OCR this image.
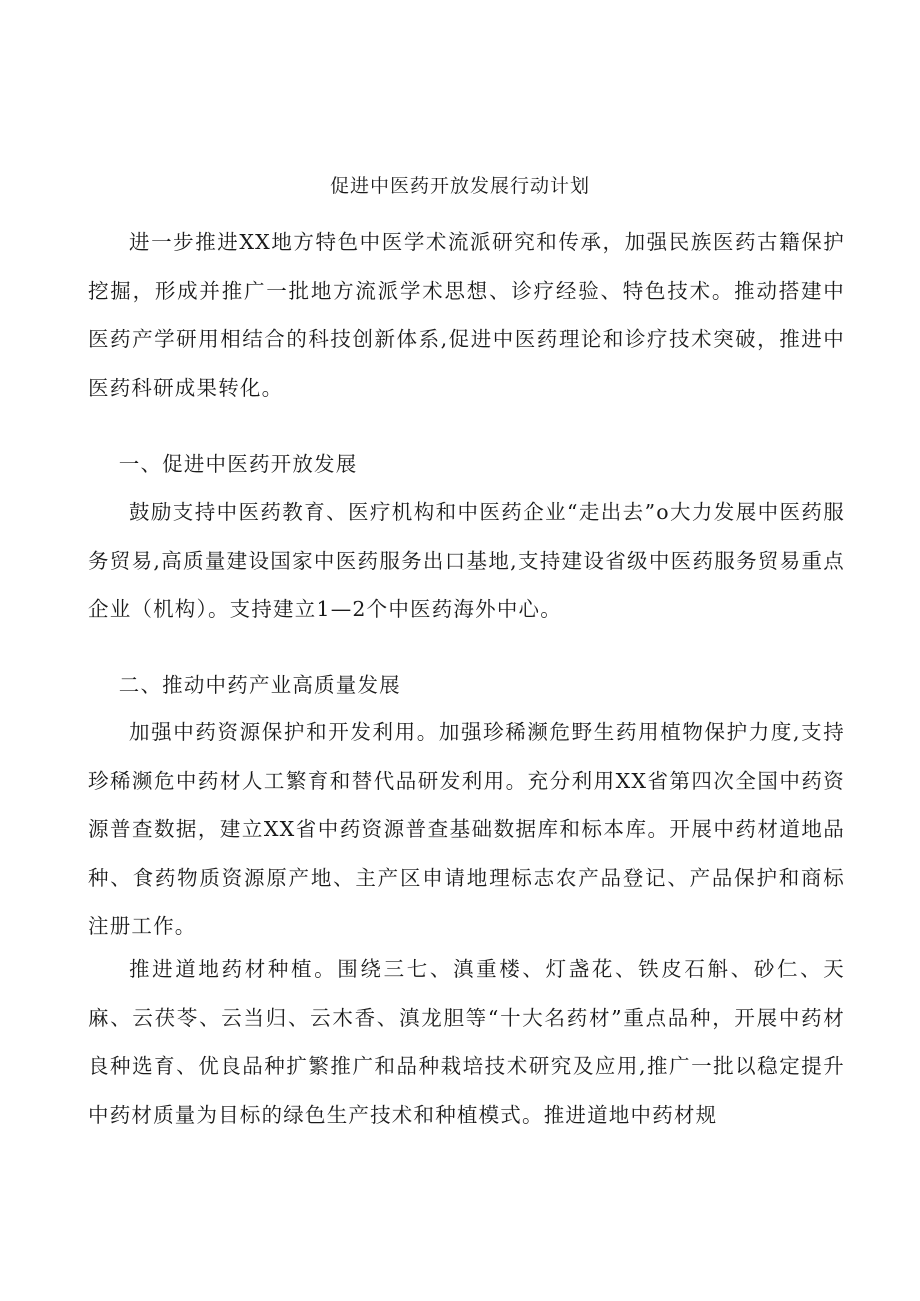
促进中医药开放发展行动计划

进一步推进XX地方特色中医学术流派研究和传承，加强民族医药古籍保护挖掘，形成并推广一批地方流派学术思想、诊疗经验、特色技术。推动搭建中医药产学研用相结合的科技创新体系,促进中医药理论和诊疗技术突破，推进中医药科研成果转化。

一、促进中医药开放发展

鼓励支持中医药教育、医疗机构和中医药企业“走出去”o大力发展中医药服务贸易,高质量建设国家中医药服务出口基地,支持建设省级中医药服务贸易重点企业（机构）。支持建立1—2个中医药海外中心。

二、推动中药产业高质量发展

加强中药资源保护和开发利用。加强珍稀濒危野生药用植物保护力度,支持珍稀濒危中药材人工繁育和替代品研发利用。充分利用XX省第四次全国中药资源普查数据，建立XX省中药资源普查基础数据库和标本库。开展中药材道地品种、食药物质资源原产地、主产区申请地理标志农产品登记、产品保护和商标注册工作。

推进道地药材种植。围绕三七、滇重楼、灯盏花、铁皮石斛、砂仁、天麻、云茯苓、云当归、云木香、滇龙胆等“十大名药材”重点品种，开展中药材良种选育、优良品种扩繁推广和品种栽培技术研究及应用,推广一批以稳定提升中药材质量为目标的绿色生产技术和种植模式。推进道地中药材规
